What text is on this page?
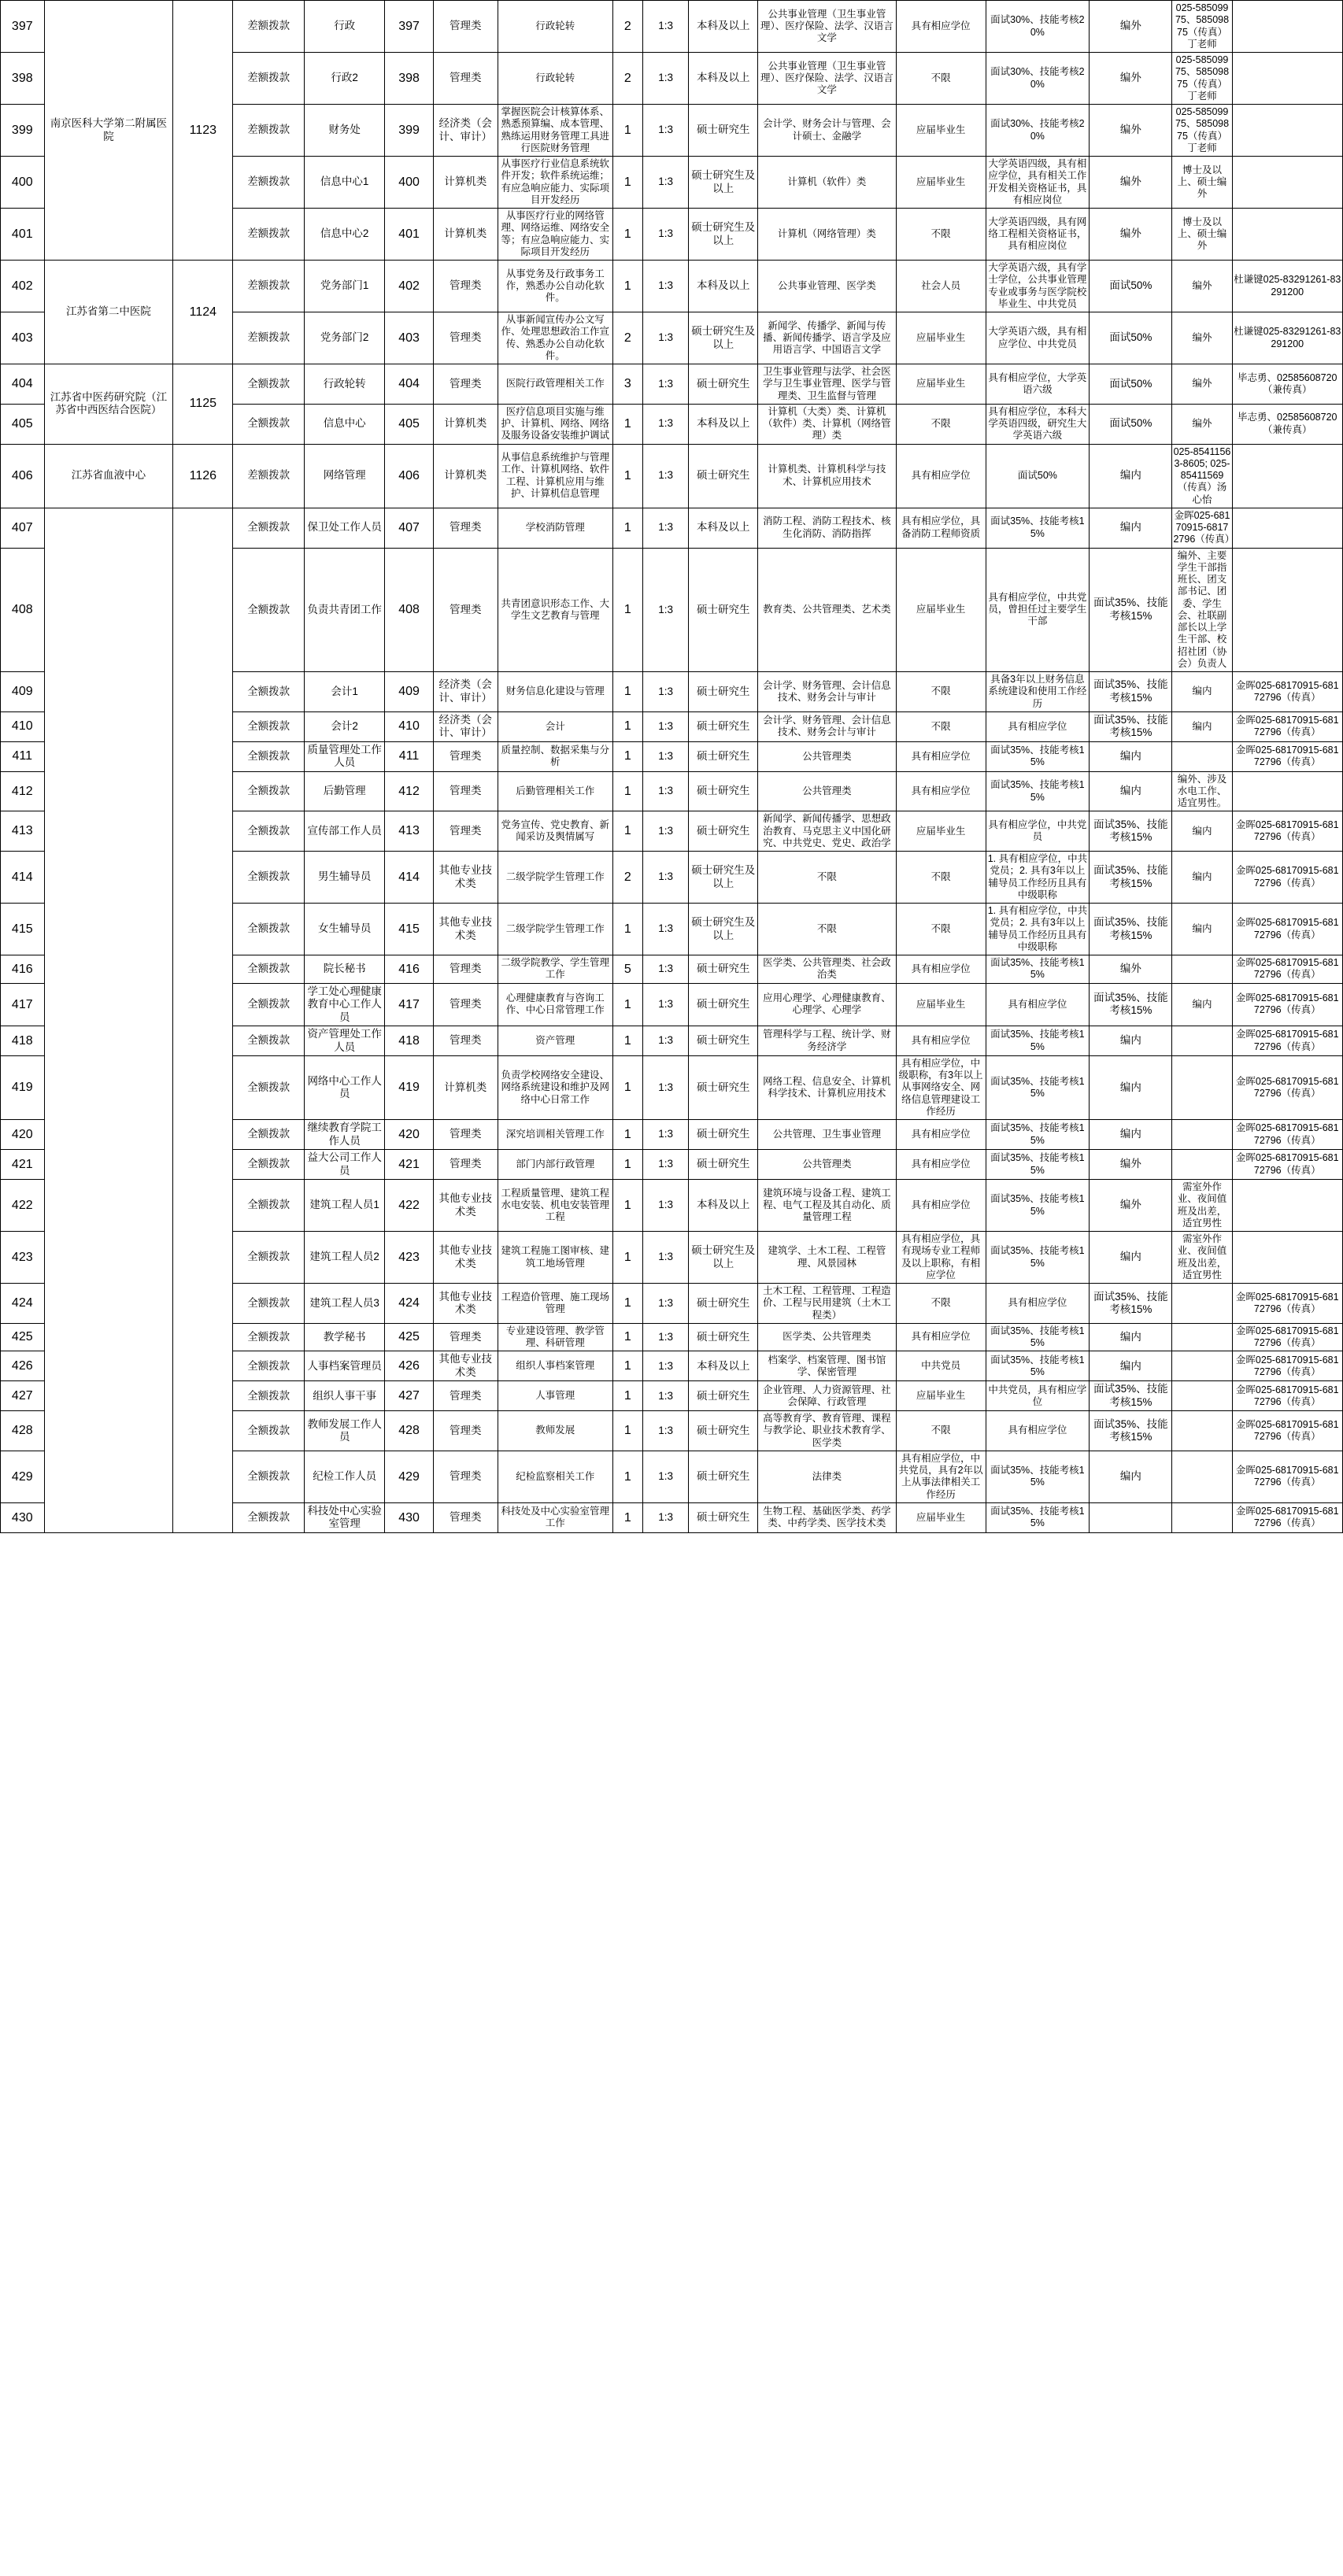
397	南京医科大学第二附属医院	1123	差额拨款	行政	397	管理类	行政轮转	2	1:3	本科及以上	公共事业管理（卫生事业管理）、医疗保险、法学、汉语言文学	具有相应学位	面试30%、技能考核20%	编外	025-58509975、58509875（传真）丁老师	
398			差额拨款	行政2	398	管理类	行政轮转	2	1:3	本科及以上	公共事业管理（卫生事业管理）、医疗保险、法学、汉语言文学	不限	面试30%、技能考核20%	编外	025-58509975、58509875（传真）丁老师	
399			差额拨款	财务处	399	经济类（会计、审计）	掌握医院会计核算体系、熟悉预算编、成本管理、熟练运用财务管理工具进行医院财务管理	1	1:3	硕士研究生	会计学、财务会计与管理、会计硕士、金融学	应届毕业生	面试30%、技能考核20%	编外	025-58509975、58509875（传真）丁老师	
400			差额拨款	信息中心1	400	计算机类	从事医疗行业信息系统软件开发；软件系统运维；有应急响应能力、实际项目开发经历	1	1:3	硕士研究生及以上	计算机（软件）类	应届毕业生	大学英语四级，具有相应学位，具有相关工作开发相关资格证书，具有相应岗位	编外	博士及以上、硕士编外	
401			差额拨款	信息中心2	401	计算机类	从事医疗行业的网络管理、网络运维、网络安全等；有应急响应能力、实际项目开发经历	1	1:3	硕士研究生及以上	计算机（网络管理）类	不限	大学英语四级，具有网络工程相关资格证书，具有相应岗位	编外	博士及以上、硕士编外	
402	江苏省第二中医院	1124	差额拨款	党务部门1	402	管理类	从事党务及行政事务工作，熟悉办公自动化软件。	1	1:3	本科及以上	公共事业管理、医学类	社会人员	大学英语六级，具有学士学位，公共事业管理专业或事务与医学院校毕业生、中共党员	面试50%	编外	杜谦键025-83291261-83291200
403			差额拨款	党务部门2	403	管理类	从事新闻宣传办公文写作、处理思想政治工作宣传、熟悉办公自动化软件。	2	1:3	硕士研究生及以上	新闻学、传播学、新闻与传播、新闻传播学、语言学及应用语言学、中国语言文学	应届毕业生	大学英语六级，具有相应学位、中共党员	面试50%	编外	杜谦键025-83291261-83291200
404	江苏省中医药研究院（江苏省中西医结合医院）	1125	全额拨款	行政轮转	404	管理类	医院行政管理相关工作	3	1:3	硕士研究生	卫生事业管理与法学、社会医学与卫生事业管理、医学与管理类、卫生监督与管理	应届毕业生	具有相应学位，大学英语六级	面试50%	编外	毕志勇、02585608720（兼传真）
405			全额拨款	信息中心	405	计算机类	医疗信息项目实施与维护、计算机、网络、网络及服务设备安装维护调试	1	1:3	本科及以上	计算机（大类）类、计算机（软件）类、计算机（网络管理）类	不限	具有相应学位，本科大学英语四级，研究生大学英语六级	面试50%	编外	毕志勇、02585608720（兼传真）
406	江苏省血液中心	1126	差额拨款	网络管理	406	计算机类	从事信息系统维护与管理工作、计算机网络、软件工程、计算机应用与维护、计算机信息管理	1	1:3	硕士研究生	计算机类、计算机科学与技术、计算机应用技术	具有相应学位	面试50%	编内	025-85411563-8605; 025-85411569（传真）汤心怡	
407			全额拨款	保卫处工作人员	407	管理类	学校消防管理	1	1:3	本科及以上	消防工程、消防工程技术、核生化消防、消防指挥	具有相应学位，具备消防工程师资质	面试35%、技能考核15%	编内	金晖025-68170915-68172796（传真）	
408			全额拨款	负责共青团工作	408	管理类	共青团意识形态工作、大学生文艺教育与管理	1	1:3	硕士研究生	教育类、公共管理类、艺术类	应届毕业生	具有相应学位，中共党员，曾担任过主要学生干部	面试35%、技能考核15%	编外、主要学生干部指班长、团支部书记、团委、学生会、社联副部长以上学生干部、校招社团（协会）负责人	
409			全额拨款	会计1	409	经济类（会计、审计）	财务信息化建设与管理	1	1:3	硕士研究生	会计学、财务管理、会计信息技术、财务会计与审计	不限	具备3年以上财务信息系统建设和使用工作经历	面试35%、技能考核15%	编内	金晖025-68170915-68172796（传真）
410			全额拨款	会计2	410	经济类（会计、审计）	会计	1	1:3	硕士研究生	会计学、财务管理、会计信息技术、财务会计与审计	不限	具有相应学位	面试35%、技能考核15%	编内	金晖025-68170915-68172796（传真）
411			全额拨款	质量管理处工作人员	411	管理类	质量控制、数据采集与分析	1	1:3	硕士研究生	公共管理类	具有相应学位	面试35%、技能考核15%	编内		金晖025-68170915-68172796（传真）
412			全额拨款	后勤管理	412	管理类	后勤管理相关工作	1	1:3	硕士研究生	公共管理类	具有相应学位	面试35%、技能考核15%	编内	编外、涉及水电工作、适宜男性。	
413			全额拨款	宣传部工作人员	413	管理类	党务宣传、党史教育、新闻采访及舆情属写	1	1:3	硕士研究生	新闻学、新闻传播学、思想政治教育、马克思主义中国化研究、中共党史、党史、政治学	应届毕业生	具有相应学位，中共党员	面试35%、技能考核15%	编内	金晖025-68170915-68172796（传真）
414			全额拨款	男生辅导员	414	其他专业技术类	二级学院学生管理工作	2	1:3	硕士研究生及以上	不限	不限	1. 具有相应学位，中共党员；2. 具有3年以上辅导员工作经历且具有中级职称	面试35%、技能考核15%	编内	金晖025-68170915-68172796（传真）
415			全额拨款	女生辅导员	415	其他专业技术类	二级学院学生管理工作	1	1:3	硕士研究生及以上	不限	不限	1. 具有相应学位，中共党员；2. 具有3年以上辅导员工作经历且具有中级职称	面试35%、技能考核15%	编内	金晖025-68170915-68172796（传真）
416			全额拨款	院长秘书	416	管理类	二级学院教学、学生管理工作	5	1:3	硕士研究生	医学类、公共管理类、社会政治类	具有相应学位	面试35%、技能考核15%	编外		金晖025-68170915-68172796（传真）
417			全额拨款	学工处心理健康教育中心工作人员	417	管理类	心理健康教育与咨询工作、中心日常管理工作	1	1:3	硕士研究生	应用心理学、心理健康教育、心理学、心理学	应届毕业生	具有相应学位	面试35%、技能考核15%	编内	金晖025-68170915-68172796（传真）
418			全额拨款	资产管理处工作人员	418	管理类	资产管理	1	1:3	硕士研究生	管理科学与工程、统计学、财务经济学	具有相应学位	面试35%、技能考核15%	编内		金晖025-68170915-68172796（传真）
419			全额拨款	网络中心工作人员	419	计算机类	负责学校网络安全建设、网络系统建设和维护及网络中心日常工作	1	1:3	硕士研究生	网络工程、信息安全、计算机科学技术、计算机应用技术	具有相应学位，中级职称，有3年以上从事网络安全、网络信息管理建设工作经历	面试35%、技能考核15%	编内		金晖025-68170915-68172796（传真）
420			全额拨款	继续教育学院工作人员	420	管理类	深究培训相关管理工作	1	1:3	硕士研究生	公共管理、卫生事业管理	具有相应学位	面试35%、技能考核15%	编内		金晖025-68170915-68172796（传真）
421			全额拨款	益大公司工作人员	421	管理类	部门内部行政管理	1	1:3	硕士研究生	公共管理类	具有相应学位	面试35%、技能考核15%	编外		金晖025-68170915-68172796（传真）
422			全额拨款	建筑工程人员1	422	其他专业技术类	工程质量管理、建筑工程水电安装、机电安装管理工程	1	1:3	本科及以上	建筑环境与设备工程、建筑工程、电气工程及其自动化、质量管理工程	具有相应学位	面试35%、技能考核15%	编外	需室外作业、夜间值班及出差，适宜男性	
423			全额拨款	建筑工程人员2	423	其他专业技术类	建筑工程施工图审核、建筑工地场管理	1	1:3	硕士研究生及以上	建筑学、土木工程、工程管理、风景园林	具有相应学位，具有现场专业工程师及以上职称，有相应学位	面试35%、技能考核15%	编内	需室外作业、夜间值班及出差，适宜男性	
424			全额拨款	建筑工程人员3	424	其他专业技术类	工程造价管理、施工现场管理	1	1:3	硕士研究生	土木工程、工程管理、工程造价、工程与民用建筑（土木工程类）	不限	具有相应学位	面试35%、技能考核15%		金晖025-68170915-68172796（传真）
425			全额拨款	教学秘书	425	管理类	专业建设管理、教学管理、科研管理	1	1:3	硕士研究生	医学类、公共管理类	具有相应学位	面试35%、技能考核15%	编内		金晖025-68170915-68172796（传真）
426			全额拨款	人事档案管理员	426	其他专业技术类	组织人事档案管理	1	1:3	本科及以上	档案学、档案管理、图书馆学、保密管理	中共党员	面试35%、技能考核15%	编内		金晖025-68170915-68172796（传真）
427			全额拨款	组织人事干事	427	管理类	人事管理	1	1:3	硕士研究生	企业管理、人力资源管理、社会保障、行政管理	应届毕业生	中共党员，具有相应学位	面试35%、技能考核15%		金晖025-68170915-68172796（传真）
428			全额拨款	教师发展工作人员	428	管理类	教师发展	1	1:3	硕士研究生	高等教育学、教育管理、课程与教学论、职业技术教育学、医学类	不限	具有相应学位	面试35%、技能考核15%		金晖025-68170915-68172796（传真）
429			全额拨款	纪检工作人员	429	管理类	纪检监察相关工作	1	1:3	硕士研究生	法律类	具有相应学位，中共党员，具有2年以上从事法律相关工作经历	面试35%、技能考核15%	编内		金晖025-68170915-68172796（传真）
430			全额拨款	科技处中心实验室管理	430	管理类	科技处及中心实验室管理工作	1	1:3	硕士研究生	生物工程、基础医学类、药学类、中药学类、医学技术类	应届毕业生	面试35%、技能考核15%			金晖025-68170915-68172796（传真）
